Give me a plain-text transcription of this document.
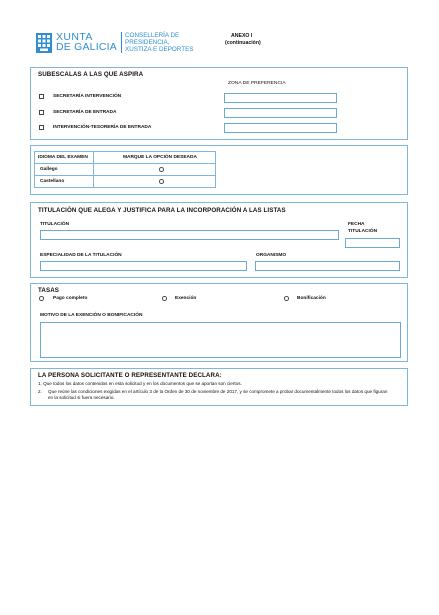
XUNTA
DE GALICIA
CONSELLERÍA DE
PRESIDENCIA,
XUSTIZA E DEPORTES
ANEXO I
(continuación)
SUBESCALAS A LAS QUE ASPIRA
ZONA DE PREFERENCIA
SECRETARÍA INTERVENCIÓN
SECRETARÍA DE ENTRADA
INTERVENCIÓN-TESORERÍA DE ENTRADA
IDIOMA DEL EXAMEN	MARQUE LA OPCIÓN DESEADA
Gallego
Castellano
TITULACIÓN QUE ALEGA Y JUSTIFICA PARA LA INCORPORACIÓN A LAS LISTAS
TITULACIÓN	FECHA
TITULACIÓN
ESPECIALIDAD DE LA TITULACIÓN	ORGANISMO
TASAS
Pago completo	Exención	Bonificación
MOTIVO DE LA EXENCIÓN O BONIFICACIÓN
LA PERSONA SOLICITANTE O REPRESENTANTE DECLARA:
1. Que todos los datos contenidos en esta solicitud y en los documentos que se aportan son ciertos.
2.	Que reúne las condiciones exigidas en el artículo 3 de la Orden de 30 de noviembre de 2017, y se compromete a probar documentalmente todos los datos que figuran en la solicitud si fuera necesario.
